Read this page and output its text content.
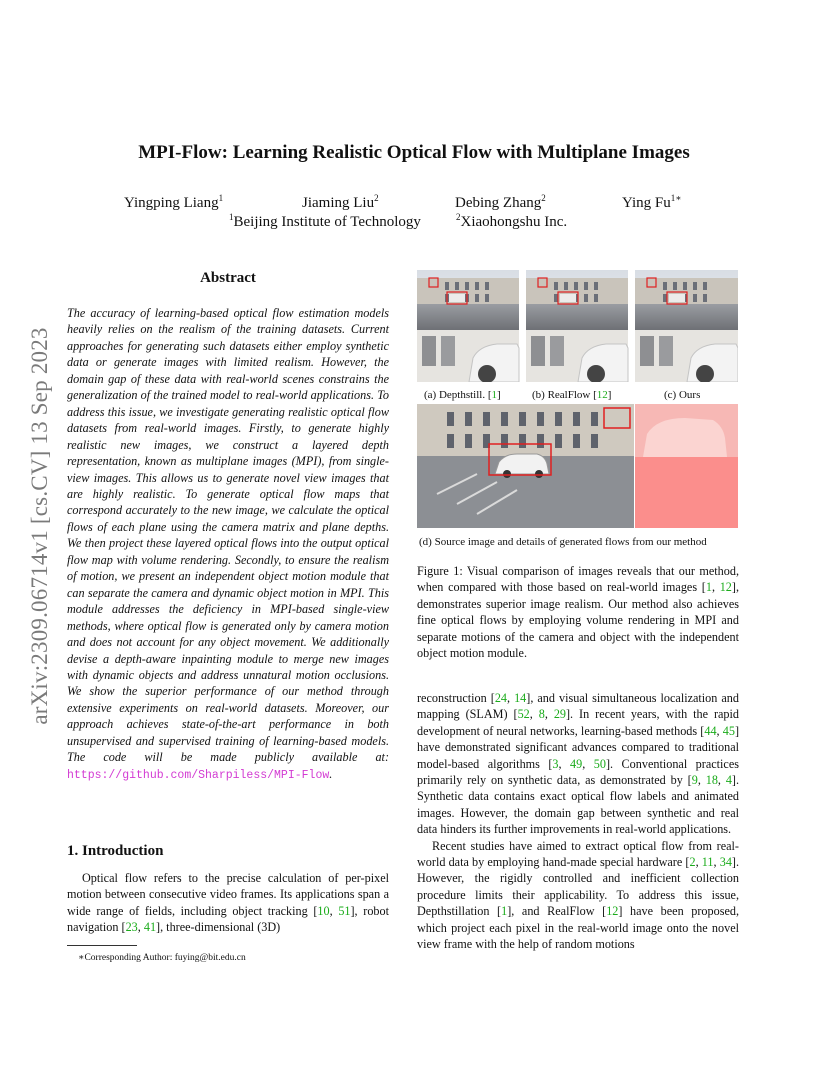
arXiv:2309.06714v1 [cs.CV] 13 Sep 2023
MPI-Flow: Learning Realistic Optical Flow with Multiplane Images
Yingping Liang$^1$	Jiaming Liu$^2$	Debing Zhang$^2$	Ying $Fu^{1∗}$
$^1$Beijing Institute of Technology	$^2$Xiaohongshu Inc.
Abstract
The accuracy of learning-based optical flow estimation models heavily relies on the realism of the training datasets. Current approaches for generating such datasets either employ synthetic data or generate images with limited realism. However, the domain gap of these data with real-world scenes constrains the generalization of the trained model to real-world applications. To address this issue, we investigate generating realistic optical flow datasets from real-world images. Firstly, to generate highly realistic new images, we construct a layered depth representation, known as multiplane images (MPI), from single-view images. This allows us to generate novel view images that are highly realistic. To generate optical flow maps that correspond accurately to the new image, we calculate the optical flows of each plane using the camera matrix and plane depths. We then project these layered optical flows into the output optical flow map with volume rendering. Secondly, to ensure the realism of motion, we present an independent object motion module that can separate the camera and dynamic object motion in MPI. This module addresses the deficiency in MPI-based single-view methods, where optical flow is generated only by camera motion and does not account for any object movement. We additionally devise a depth-aware inpainting module to merge new images with dynamic objects and address unnatural motion occlusions. We show the superior performance of our method through extensive experiments on real-world datasets. Moreover, our approach achieves state-of-the-art performance in both unsupervised and supervised training of learning-based models. The code will be made publicly available at: https://github.com/Sharpiless/MPI-Flow.
1. Introduction

Optical flow refers to the precise calculation of per-pixel motion between consecutive video frames. Its applications span a wide range of fields, including object tracking [10, 51], robot navigation [23, 41], three-dimensional (3D)

∗Corresponding Author: fuying@bit.edu.cn
(a) Depthstill. [1]	(b) RealFlow [12]	(c) Ours
(d) Source image and details of generated flows from our method

Figure 1: Visual comparison of images reveals that our method, when compared with those based on real-world images [1, 12], demonstrates superior image realism. Our method also achieves fine optical flows by employing volume rendering in MPI and separate motions of the camera and object with the independent object motion module.

reconstruction [24, 14], and visual simultaneous localization and mapping (SLAM) [52, 8, 29]. In recent years, with the rapid development of neural networks, learning-based methods [44, 45] have demonstrated significant advances compared to traditional model-based algorithms [3, 49, 50]. Conventional practices primarily rely on synthetic data, as demonstrated by [9, 18, 4]. Synthetic data contains exact optical flow labels and animated images. However, the domain gap between synthetic and real data hinders its further improvements in real-world applications.

Recent studies have aimed to extract optical flow from real-world data by employing hand-made special hardware [2, 11, 34]. However, the rigidly controlled and inefficient collection procedure limits their applicability. To address this issue, Depthstillation [1], and RealFlow [12] have been proposed, which project each pixel in the real-world image onto the novel view frame with the help of random motions
